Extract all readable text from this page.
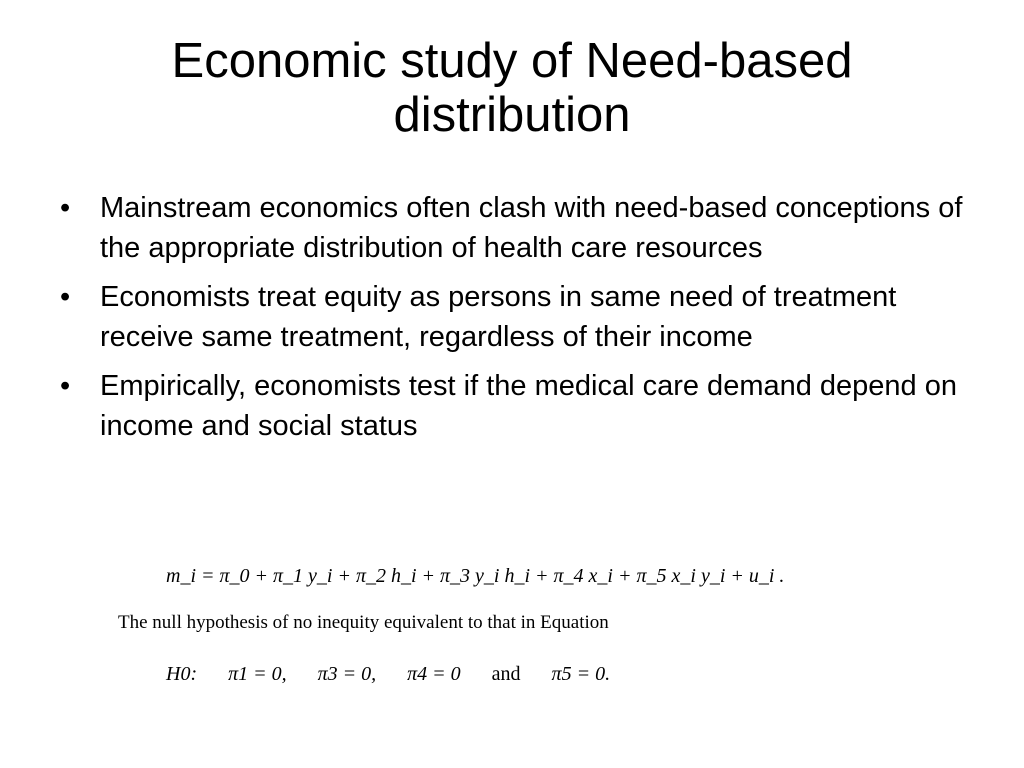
Economic study of Need-based distribution
•	Mainstream economics often clash with need-based conceptions of the appropriate distribution of health care resources
•	Economists treat equity as persons in same need of treatment receive same treatment, regardless of their income
•	Empirically, economists test if the medical care demand depend on income and social status
m_i = π_0 + π_1 y_i + π_2 h_i + π_3 y_i h_i + π_4 x_i + π_5 x_i y_i + u_i .
The null hypothesis of no inequity equivalent to that in Equation
H0: π1 = 0, π3 = 0, π4 = 0 and π5 = 0.
